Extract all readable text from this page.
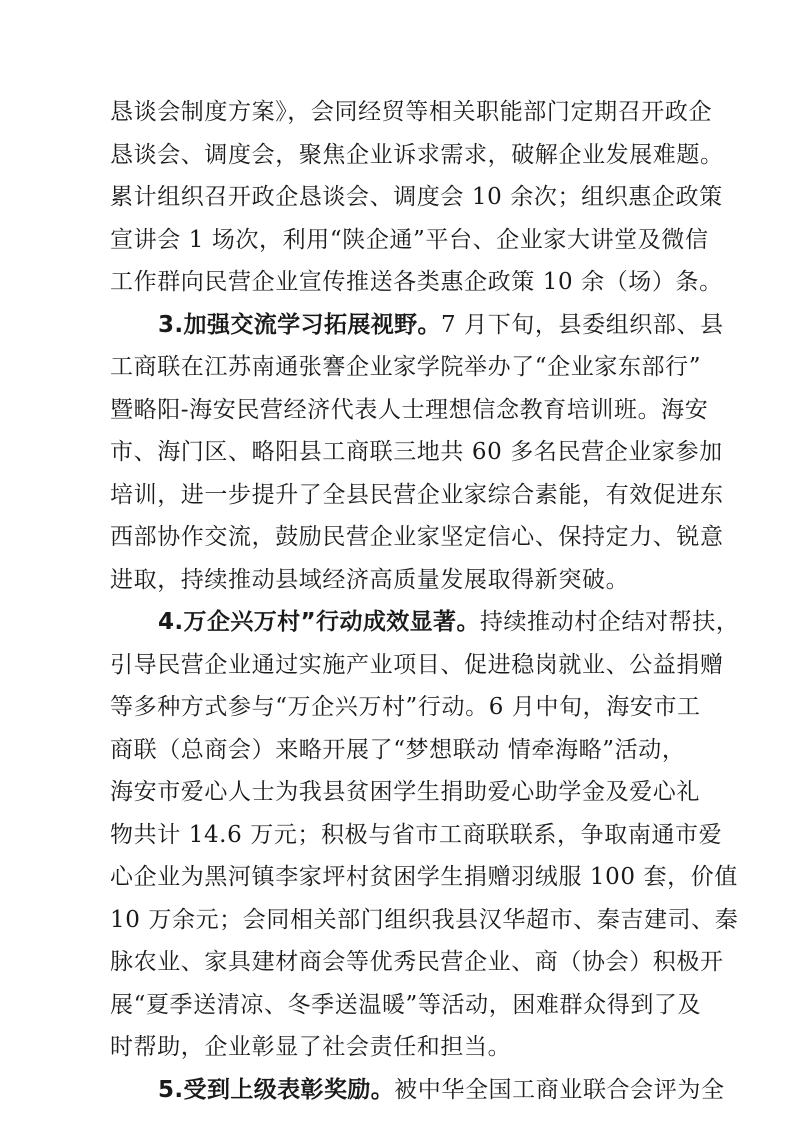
恳谈会制度方案》，会同经贸等相关职能部门定期召开政企
恳谈会、调度会，聚焦企业诉求需求，破解企业发展难题。
累计组织召开政企恳谈会、调度会 10 余次；组织惠企政策
宣讲会 1 场次，利用“陕企通”平台、企业家大讲堂及微信
工作群向民营企业宣传推送各类惠企政策 10 余（场）条。
3.加强交流学习拓展视野。7 月下旬，县委组织部、县
工商联在江苏南通张謇企业家学院举办了“企业家东部行”
暨略阳-海安民营经济代表人士理想信念教育培训班。海安
市、海门区、略阳县工商联三地共 60 多名民营企业家参加
培训，进一步提升了全县民营企业家综合素能，有效促进东
西部协作交流，鼓励民营企业家坚定信心、保持定力、锐意
进取，持续推动县域经济高质量发展取得新突破。
4.万企兴万村”行动成效显著。持续推动村企结对帮扶，
引导民营企业通过实施产业项目、促进稳岗就业、公益捐赠
等多种方式参与“万企兴万村”行动。6 月中旬，海安市工
商联（总商会）来略开展了“梦想联动 情牵海略”活动，
海安市爱心人士为我县贫困学生捐助爱心助学金及爱心礼
物共计 14.6 万元；积极与省市工商联联系，争取南通市爱
心企业为黑河镇李家坪村贫困学生捐赠羽绒服 100 套，价值
10 万余元；会同相关部门组织我县汉华超市、秦吉建司、秦
脉农业、家具建材商会等优秀民营企业、商（协会）积极开
展“夏季送清凉、冬季送温暖”等活动，困难群众得到了及
时帮助，企业彰显了社会责任和担当。
5.受到上级表彰奖励。被中华全国工商业联合会评为全
